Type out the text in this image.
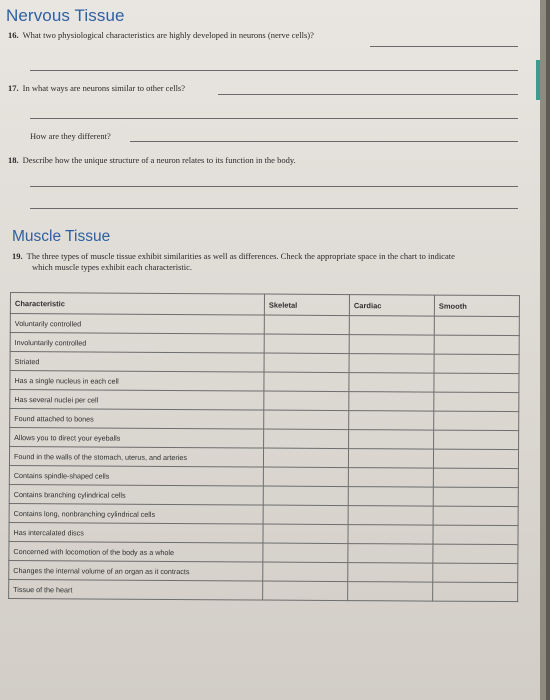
Nervous Tissue
16. What two physiological characteristics are highly developed in neurons (nerve cells)?
17. In what ways are neurons similar to other cells?
How are they different?
18. Describe how the unique structure of a neuron relates to its function in the body.
Muscle Tissue
19. The three types of muscle tissue exhibit similarities as well as differences. Check the appropriate space in the chart to indicate
which muscle types exhibit each characteristic.
Characteristic	Skeletal	Cardiac	Smooth
Voluntarily controlled			
Involuntarily controlled			
Striated			
Has a single nucleus in each cell			
Has several nuclei per cell			
Found attached to bones			
Allows you to direct your eyeballs			
Found in the walls of the stomach, uterus, and arteries			
Contains spindle-shaped cells			
Contains branching cylindrical cells			
Contains long, nonbranching cylindrical cells			
Has intercalated discs			
Concerned with locomotion of the body as a whole			
Changes the internal volume of an organ as it contracts			
Tissue of the heart			
